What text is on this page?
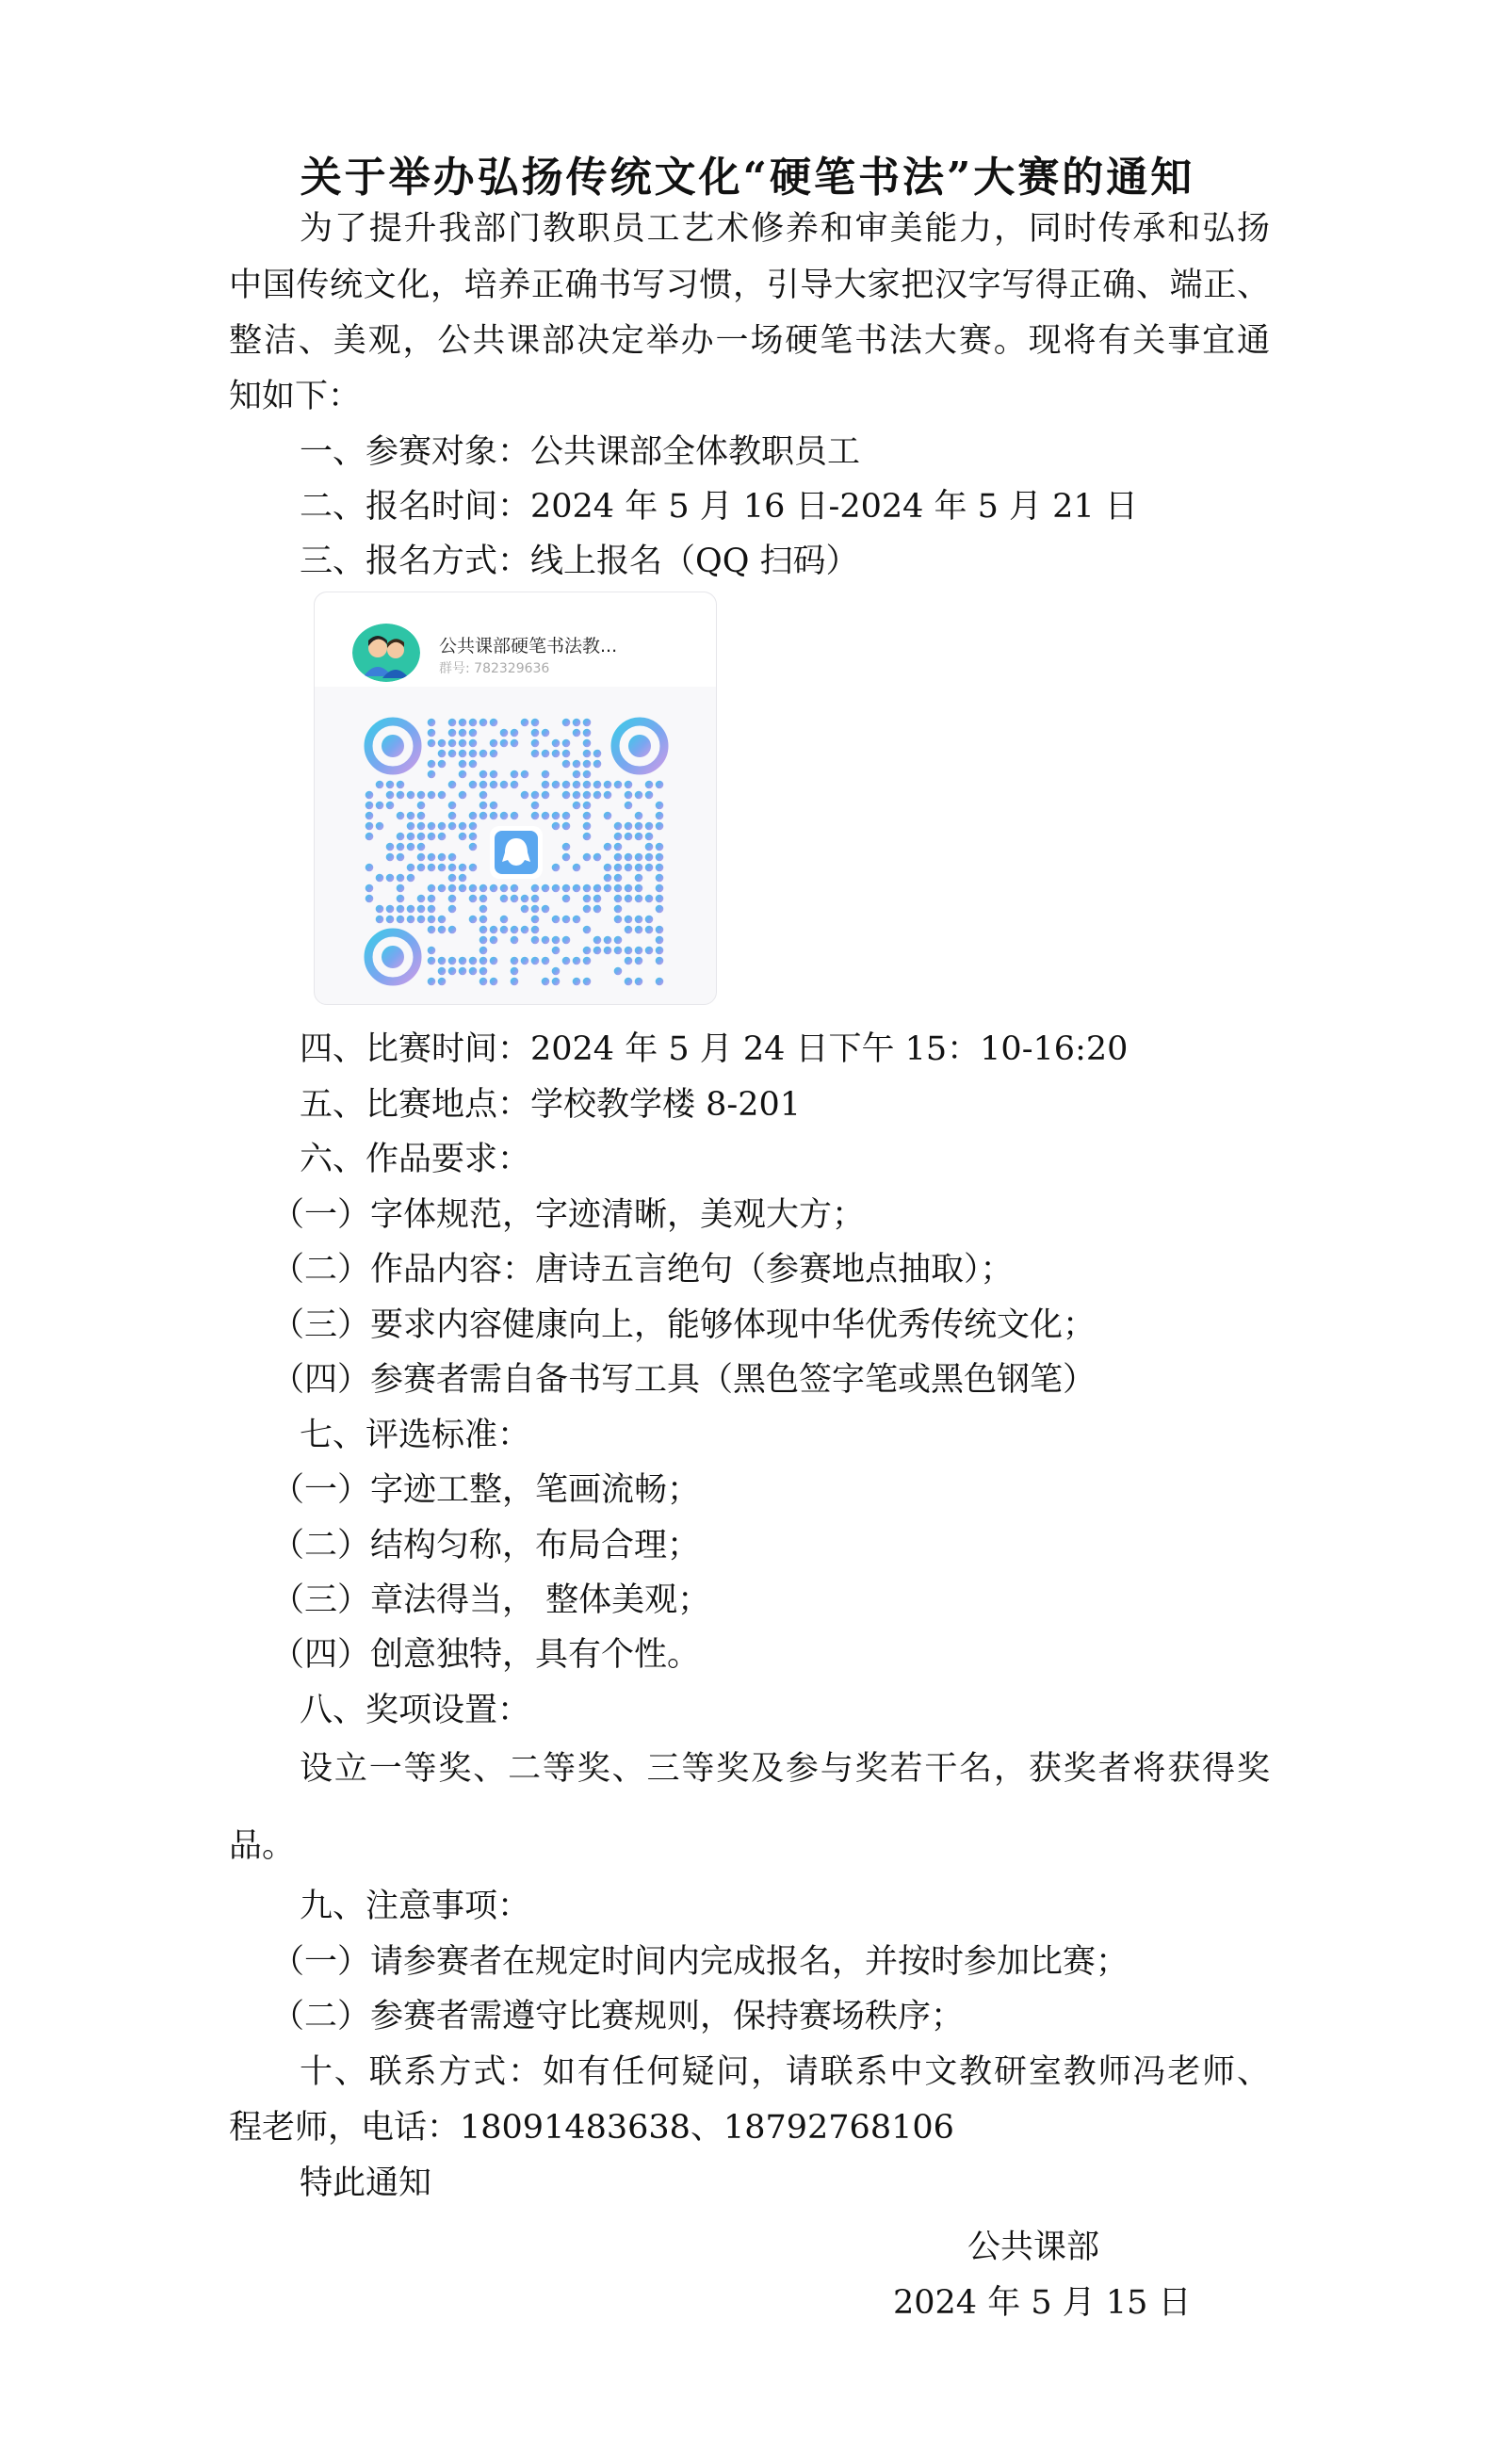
关于举办弘扬传统文化“硬笔书法”大赛的通知
为了提升我部门教职员工艺术修养和审美能力，同时传承和弘扬
中国传统文化，培养正确书写习惯，引导大家把汉字写得正确、端正、
整洁、美观，公共课部决定举办一场硬笔书法大赛。现将有关事宜通
知如下：
一、参赛对象：公共课部全体教职员工
二、报名时间：2024 年 5 月 16 日-2024 年 5 月 21 日
三、报名方式：线上报名（QQ 扫码）
公共课部硬笔书法教...
群号: 782329636
四、比赛时间：2024 年 5 月 24 日下午 15：10-16:20
五、比赛地点：学校教学楼 8-201
六、作品要求：
（一）字体规范，字迹清晰，美观大方；
（二）作品内容：唐诗五言绝句（参赛地点抽取）；
（三）要求内容健康向上，能够体现中华优秀传统文化；
（四）参赛者需自备书写工具（黑色签字笔或黑色钢笔）
七、评选标准：
（一）字迹工整，笔画流畅；
（二）结构匀称，布局合理；
（三）章法得当， 整体美观；
（四）创意独特，具有个性。
八、奖项设置：
设立一等奖、二等奖、三等奖及参与奖若干名，获奖者将获得奖
品。
九、注意事项：
（一）请参赛者在规定时间内完成报名，并按时参加比赛；
（二）参赛者需遵守比赛规则，保持赛场秩序；
十、联系方式：如有任何疑问，请联系中文教研室教师冯老师、
程老师，电话：18091483638、18792768106
特此通知
公共课部
2024 年 5 月 15 日
